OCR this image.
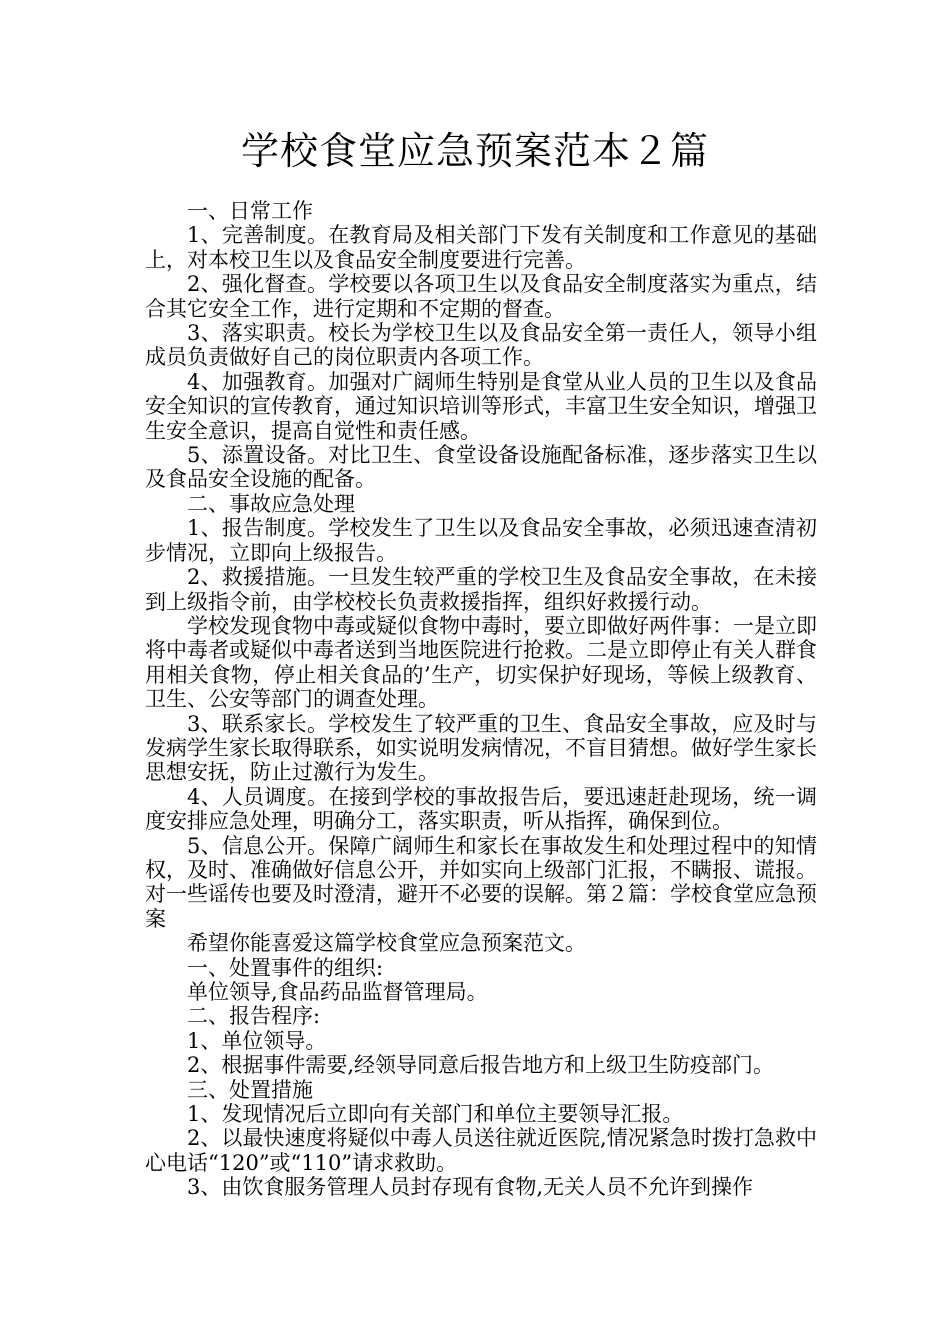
学校食堂应急预案范本２篇

一、日常工作

1、完善制度。在教育局及相关部门下发有关制度和工作意见的基础上，对本校卫生以及食品安全制度要进行完善。

2、强化督查。学校要以各项卫生以及食品安全制度落实为重点，结合其它安全工作，进行定期和不定期的督查。

3、落实职责。校长为学校卫生以及食品安全第一责任人，领导小组成员负责做好自己的岗位职责内各项工作。

4、加强教育。加强对广阔师生特别是食堂从业人员的卫生以及食品安全知识的宣传教育，通过知识培训等形式，丰富卫生安全知识，增强卫生安全意识，提高自觉性和责任感。

5、添置设备。对比卫生、食堂设备设施配备标准，逐步落实卫生以及食品安全设施的配备。

二、事故应急处理

1、报告制度。学校发生了卫生以及食品安全事故，必须迅速查清初步情况，立即向上级报告。

2、救援措施。一旦发生较严重的学校卫生及食品安全事故，在未接到上级指令前，由学校校长负责救援指挥，组织好救援行动。

学校发现食物中毒或疑似食物中毒时，要立即做好两件事：一是立即将中毒者或疑似中毒者送到当地医院进行抢救。二是立即停止有关人群食用相关食物，停止相关食品的’生产，切实保护好现场，等候上级教育、卫生、公安等部门的调查处理。

3、联系家长。学校发生了较严重的卫生、食品安全事故，应及时与发病学生家长取得联系，如实说明发病情况，不盲目猜想。做好学生家长思想安抚，防止过激行为发生。

4、人员调度。在接到学校的事故报告后，要迅速赶赴现场，统一调度安排应急处理，明确分工，落实职责，听从指挥，确保到位。

5、信息公开。保障广阔师生和家长在事故发生和处理过程中的知情权，及时、准确做好信息公开，并如实向上级部门汇报，不瞒报、谎报。对一些谣传也要及时澄清，避开不必要的误解。第２篇：学校食堂应急预案

希望你能喜爱这篇学校食堂应急预案范文。

一、处置事件的组织:

单位领导,食品药品监督管理局。

二、报告程序:

1、单位领导。

2、根据事件需要,经领导同意后报告地方和上级卫生防疫部门。

三、处置措施

1、发现情况后立即向有关部门和单位主要领导汇报。

2、以最快速度将疑似中毒人员送往就近医院,情况紧急时拨打急救中心电话“120”或“110”请求救助。

3、由饮食服务管理人员封存现有食物,无关人员不允许到操作
